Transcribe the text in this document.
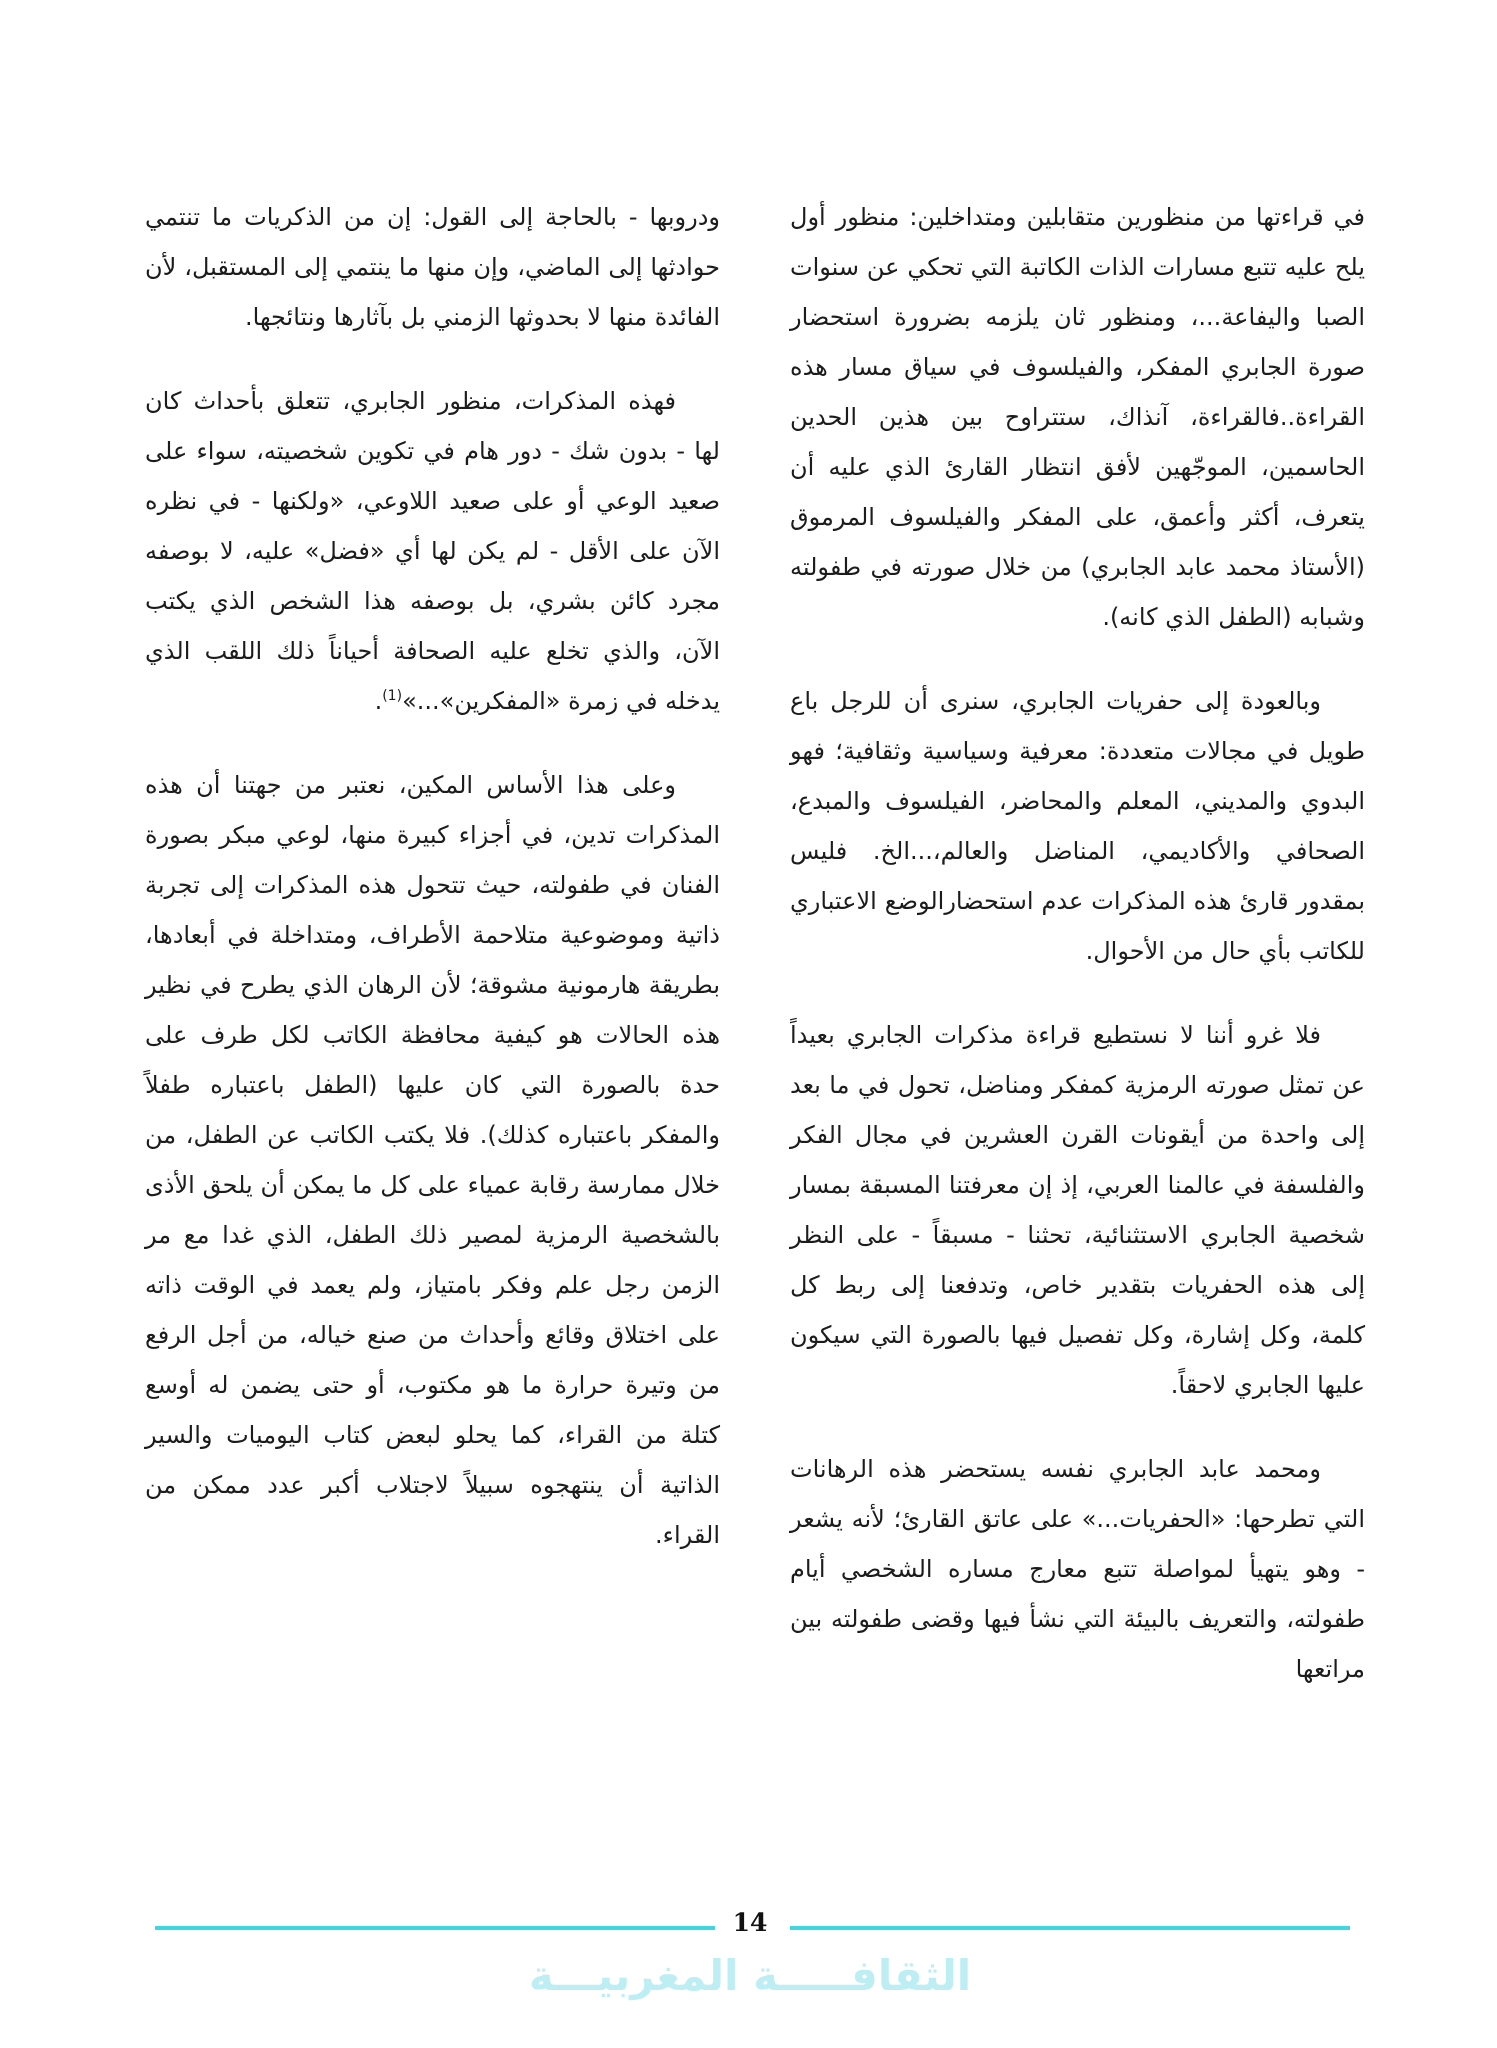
في قراءتها من منظورين متقابلين ومتداخلين: منظور أول يلح عليه تتبع مسارات الذات الكاتبة التي تحكي عن سنوات الصبا واليفاعة...، ومنظور ثان يلزمه بضرورة استحضار صورة الجابري المفكر، والفيلسوف في سياق مسار هذه القراءة..فالقراءة، آنذاك، ستتراوح بين هذين الحدين الحاسمين، الموجّهين لأفق انتظار القارئ الذي عليه أن يتعرف، أكثر وأعمق، على المفكر والفيلسوف المرموق (الأستاذ محمد عابد الجابري) من خلال صورته في طفولته وشبابه (الطفل الذي كانه).

وبالعودة إلى حفريات الجابري، سنرى أن للرجل باع طويل في مجالات متعددة: معرفية وسياسية وثقافية؛ فهو البدوي والمديني، المعلم والمحاضر، الفيلسوف والمبدع، الصحافي والأكاديمي، المناضل والعالم،...الخ. فليس بمقدور قارئ هذه المذكرات عدم استحضارالوضع الاعتباري للكاتب بأي حال من الأحوال.

فلا غرو أننا لا نستطيع قراءة مذكرات الجابري بعيداً عن تمثل صورته الرمزية كمفكر ومناضل، تحول في ما بعد إلى واحدة من أيقونات القرن العشرين في مجال الفكر والفلسفة في عالمنا العربي، إذ إن معرفتنا المسبقة بمسار شخصية الجابري الاستثنائية، تحثنا - مسبقاً - على النظر إلى هذه الحفريات بتقدير خاص، وتدفعنا إلى ربط كل كلمة، وكل إشارة، وكل تفصيل فيها بالصورة التي سيكون عليها الجابري لاحقاً.

ومحمد عابد الجابري نفسه يستحضر هذه الرهانات التي تطرحها: «الحفريات...» على عاتق القارئ؛ لأنه يشعر - وهو يتهيأ لمواصلة تتبع معارج مساره الشخصي أيام طفولته، والتعريف بالبيئة التي نشأ فيها وقضى طفولته بين مراتعها

ودروبها - بالحاجة إلى القول: إن من الذكريات ما تنتمي حوادثها إلى الماضي، وإن منها ما ينتمي إلى المستقبل، لأن الفائدة منها لا بحدوثها الزمني بل بآثارها ونتائجها.

فهذه المذكرات، منظور الجابري، تتعلق بأحداث كان لها - بدون شك - دور هام في تكوين شخصيته، سواء على صعيد الوعي أو على صعيد اللاوعي، «ولكنها - في نظره الآن على الأقل - لم يكن لها أي «فضل» عليه، لا بوصفه مجرد كائن بشري، بل بوصفه هذا الشخص الذي يكتب الآن، والذي تخلع عليه الصحافة أحياناً ذلك اللقب الذي يدخله في زمرة «المفكرين»...»$^{(1)}$.

وعلى هذا الأساس المكين، نعتبر من جهتنا أن هذه المذكرات تدين، في أجزاء كبيرة منها، لوعي مبكر بصورة الفنان في طفولته، حيث تتحول هذه المذكرات إلى تجربة ذاتية وموضوعية متلاحمة الأطراف، ومتداخلة في أبعادها، بطريقة هارمونية مشوقة؛ لأن الرهان الذي يطرح في نظير هذه الحالات هو كيفية محافظة الكاتب لكل طرف على حدة بالصورة التي كان عليها (الطفل باعتباره طفلاً والمفكر باعتباره كذلك). فلا يكتب الكاتب عن الطفل، من خلال ممارسة رقابة عمياء على كل ما يمكن أن يلحق الأذى بالشخصية الرمزية لمصير ذلك الطفل، الذي غدا مع مر الزمن رجل علم وفكر بامتياز، ولم يعمد في الوقت ذاته على اختلاق وقائع وأحداث من صنع خياله، من أجل الرفع من وتيرة حرارة ما هو مكتوب، أو حتى يضمن له أوسع كتلة من القراء، كما يحلو لبعض كتاب اليوميات والسير الذاتية أن ينتهجوه سبيلاً لاجتلاب أكبر عدد ممكن من القراء.

14
الثقافـــــة المغربيـــة
